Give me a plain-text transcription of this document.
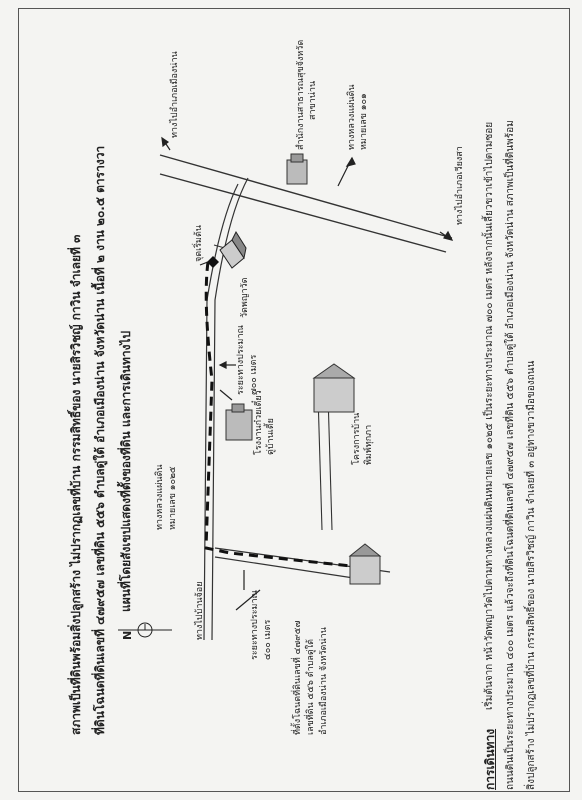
แผนที่โดยสังเขปแสดงที่ตั้งของที่ดิน และการเดินทางไป
ที่ดินโฉนดที่ดินเลขที่ ๔๗๙๕๗ เลขที่ดิน ๕๕๖ ตำบลดู่ใต้ อำเภอเมืองน่าน จังหวัดน่าน เนื้อที่ ๒ งาน ๒๐.๕ ตารางวา
สภาพเป็นที่ดินพร้อมสิ่งปลูกสร้าง ไม่ปรากฏเลขที่บ้าน กรรมสิทธิ์ของ นายสิรวิชญ์ กาวิน จำเลยที่ ๓
ทางไปอำเภอเมืองน่าน
ทางไปอำเภอเวียงสา
สำนักงานสาธารณสุขจังหวัด สาขาน่าน	ทางหลวงแผ่นดิน หมายเลข ๑๐๑
จุดเริ่มต้น
วัดพญาวัด
ระยะทางประมาณ ๗๐๐ เมตร
โรงงานก๋วยเตี๋ยว ดู่บ้านเตี้ย
ทางหลวงแผ่นดิน หมายเลข ๑๐๒๕
โครงการบ้าน พิมพ์ทุกภา
ทางไปบ้านจ้อย	ระยะทางประมาณ ๔๐๐ เมตร ที่ตั้งโฉนดที่ดินเลขที่ ๔๗๙๕๗ เลขที่ดิน ๕๕๖ ตำบลดู่ใต้ อำเภอเมืองน่าน จังหวัดน่าน
N
การเดินทาง
เริ่มต้นจาก หน้าวัดพญาวัดไปตามทางหลวงแผ่นดินหมายเลข ๑๐๒๕ เป็นระยะทางประมาณ ๗๐๐ เมตร หลังจากนั้นเลี้ยวขวาเข้าไปตามซอย ถนนดินเป็นระยะทางประมาณ ๔๐๐ เมตร แล้วจะถึงที่ดินโฉนดที่ดินเลขที่ ๔๗๙๕๗ เลขที่ดิน ๕๕๖ ตำบลดู่ใต้ อำเภอเมืองน่าน จังหวัดน่าน สภาพเป็นที่ดินพร้อม สิ่งปลูกสร้าง ไม่ปรากฏเลขที่บ้าน กรรมสิทธิ์ของ นายสิรวิชญ์ กาวิน จำเลยที่ ๓ อยู่ทางขวามือของถนน
